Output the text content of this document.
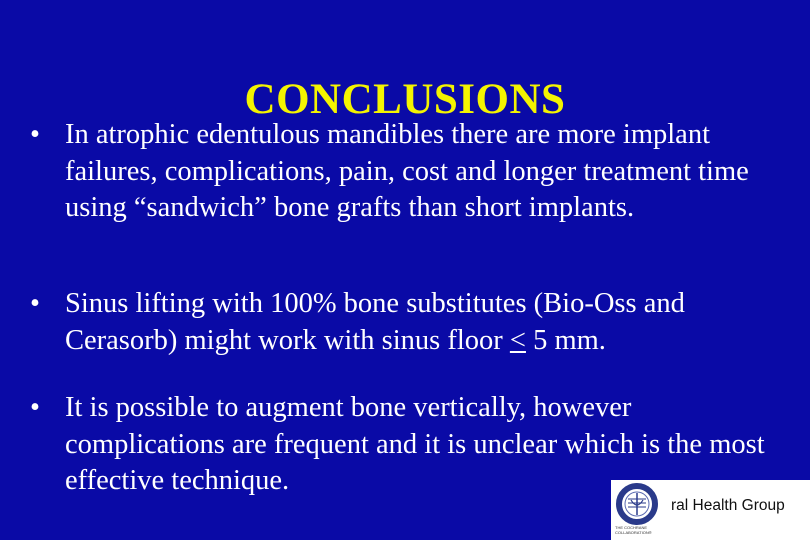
CONCLUSIONS
• In atrophic edentulous mandibles there are more implant failures, complications, pain, cost and longer treatment time using “sandwich” bone grafts than short implants.
• Sinus lifting with 100% bone substitutes (Bio-Oss and Cerasorb) might work with sinus floor ≤ 5 mm.
• It is possible to augment bone vertically, however complications are frequent and it is unclear which is the most effective technique.
THE COCHRANE COLLABORATION®
ral Health Group
